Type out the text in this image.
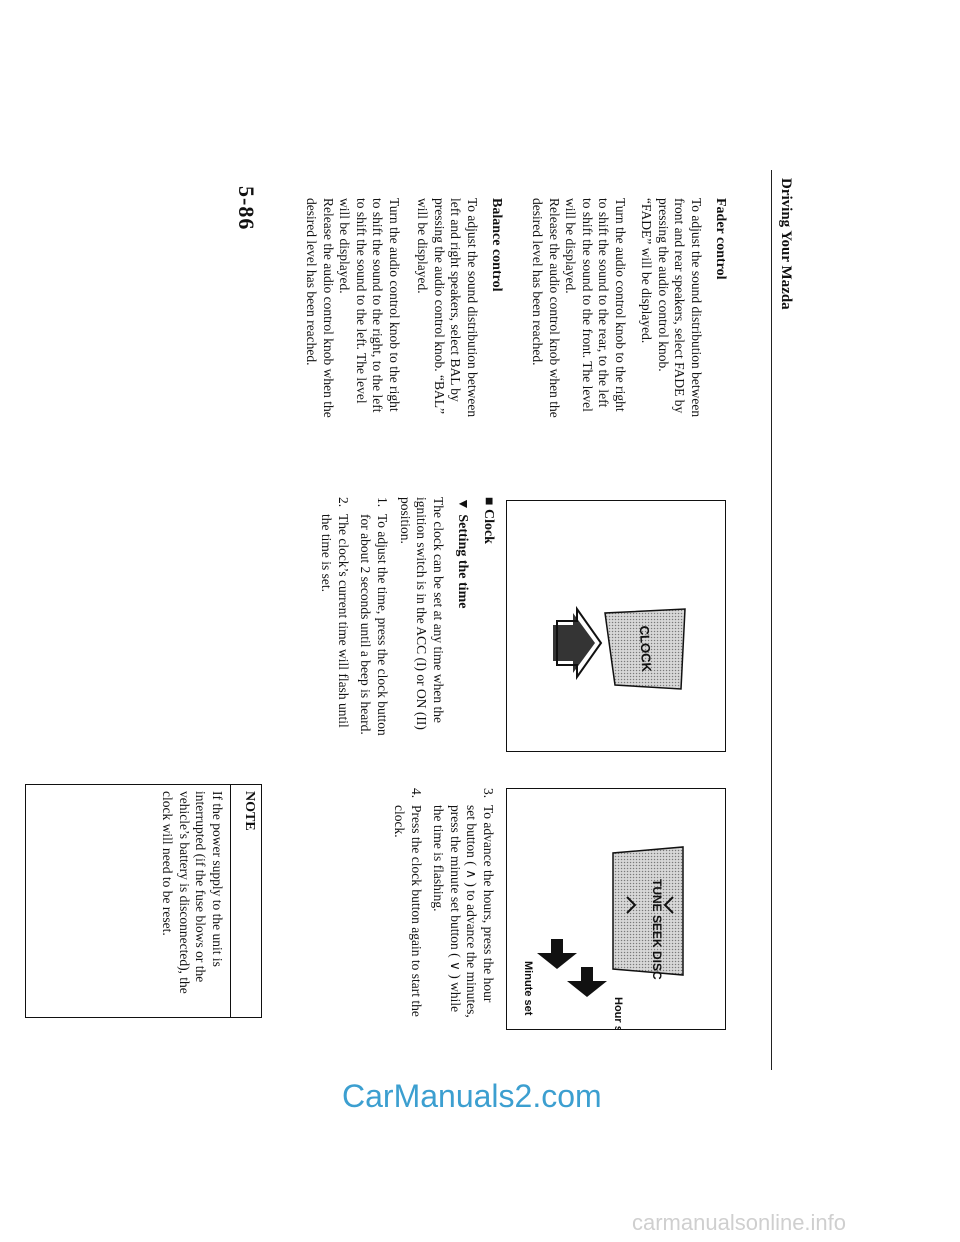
Driving Your Mazda
Fader control

To adjust the sound distribution between front and rear speakers, select FADE by pressing the audio control knob. “FADE” will be displayed.

Turn the audio control knob to the right to shift the sound to the rear, to the left to shift the sound to the front. The level will be displayed.

Release the audio control knob when the desired level has been reached.

Balance control

To adjust the sound distribution between left and right speakers, select BAL by pressing the audio control knob. “BAL” will be displayed.

Turn the audio control knob to the right to shift the sound to the right, to the left to shift the sound to the left. The level will be displayed.

Release the audio control knob when the desired level has been reached.

5-86
CLOCK
■ Clock
▼ Setting the time

The clock can be set at any time when the ignition switch is in the ACC (I) or ON (II) position.

1.
To adjust the time, press the clock button for about 2 seconds until a beep is heard.
2.
The clock’s current time will flash until the time is set.
TUNE SEEK DISC
Hour set
Minute set
3.
To advance the hours, press the hour set button ( ∧ ) to advance the minutes, press the minute set button ( ∨ ) while the time is flashing.
4.
Press the clock button again to start the clock.
NOTE

If the power supply to the unit is interrupted (if the fuse blows or the vehicle’s battery is disconnected), the clock will need to be reset.

CarManuals2.com
carmanualsonline.info
